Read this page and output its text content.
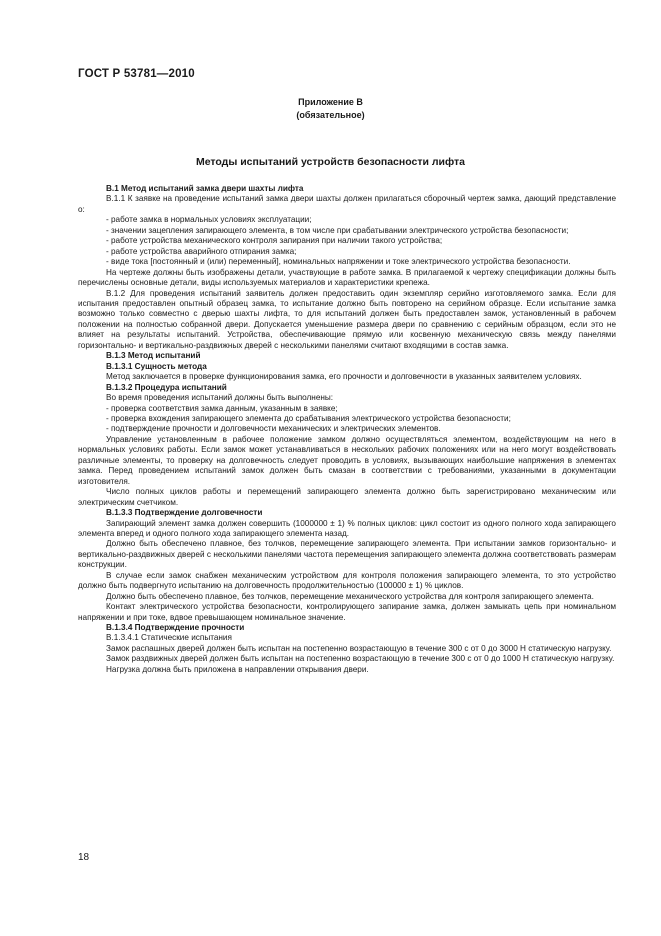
ГОСТ Р 53781—2010
Приложение В
(обязательное)
Методы испытаний устройств безопасности лифта

В.1 Метод испытаний замка двери шахты лифта

В.1.1 К заявке на проведение испытаний замка двери шахты должен прилагаться сборочный чертеж замка, дающий представление о:

- работе замка в нормальных условиях эксплуатации;

- значении зацепления запирающего элемента, в том числе при срабатывании электрического устройства безопасности;

- работе устройства механического контроля запирания при наличии такого устройства;

- работе устройства аварийного отпирания замка;

- виде тока [постоянный и (или) переменный], номинальных напряжении и токе электрического устройства безопасности.

На чертеже должны быть изображены детали, участвующие в работе замка. В прилагаемой к чертежу спецификации должны быть перечислены основные детали, виды используемых материалов и характеристики крепежа.

В.1.2 Для проведения испытаний заявитель должен предоставить один экземпляр серийно изготовляемого замка. Если для испытания предоставлен опытный образец замка, то испытание должно быть повторено на серийном образце. Если испытание замка возможно только совместно с дверью шахты лифта, то для испытаний должен быть предоставлен замок, установленный в рабочем положении на полностью собранной двери. Допускается уменьшение размера двери по сравнению с серийным образцом, если это не влияет на результаты испытаний. Устройства, обеспечивающие прямую или косвенную механическую связь между панелями горизонтально- и вертикально-раздвижных дверей с несколькими панелями считают входящими в состав замка.

В.1.3 Метод испытаний

В.1.3.1 Сущность метода

Метод заключается в проверке функционирования замка, его прочности и долговечности в указанных заявителем условиях.

В.1.3.2 Процедура испытаний

Во время проведения испытаний должны быть выполнены:

- проверка соответствия замка данным, указанным в заявке;

- проверка вхождения запирающего элемента до срабатывания электрического устройства безопасности;

- подтверждение прочности и долговечности механических и электрических элементов.

Управление установленным в рабочее положение замком должно осуществляться элементом, воздействующим на него в нормальных условиях работы. Если замок может устанавливаться в нескольких рабочих положениях или на него могут воздействовать различные элементы, то проверку на долговечность следует проводить в условиях, вызывающих наибольшие напряжения в элементах замка. Перед проведением испытаний замок должен быть смазан в соответствии с требованиями, указанными в документации изготовителя.

Число полных циклов работы и перемещений запирающего элемента должно быть зарегистрировано механическим или электрическим счетчиком.

В.1.3.3 Подтверждение долговечности

Запирающий элемент замка должен совершить (1000000 ± 1) % полных циклов: цикл состоит из одного полного хода запирающего элемента вперед и одного полного хода запирающего элемента назад.

Должно быть обеспечено плавное, без толчков, перемещение запирающего элемента. При испытании замков горизонтально- и вертикально-раздвижных дверей с несколькими панелями частота перемещения запирающего элемента должна соответствовать размерам конструкции.

В случае если замок снабжен механическим устройством для контроля положения запирающего элемента, то это устройство должно быть подвергнуто испытанию на долговечность продолжительностью (100000 ± 1) % циклов.

Должно быть обеспечено плавное, без толчков, перемещение механического устройства для контроля запирающего элемента.

Контакт электрического устройства безопасности, контролирующего запирание замка, должен замыкать цепь при номинальном напряжении и при токе, вдвое превышающем номинальное значение.

В.1.3.4 Подтверждение прочности

В.1.3.4.1 Статические испытания

Замок распашных дверей должен быть испытан на постепенно возрастающую в течение 300 с от 0 до 3000 Н статическую нагрузку.

Замок раздвижных дверей должен быть испытан на постепенно возрастающую в течение 300 с от 0 до 1000 Н статическую нагрузку.

Нагрузка должна быть приложена в направлении открывания двери.

18
